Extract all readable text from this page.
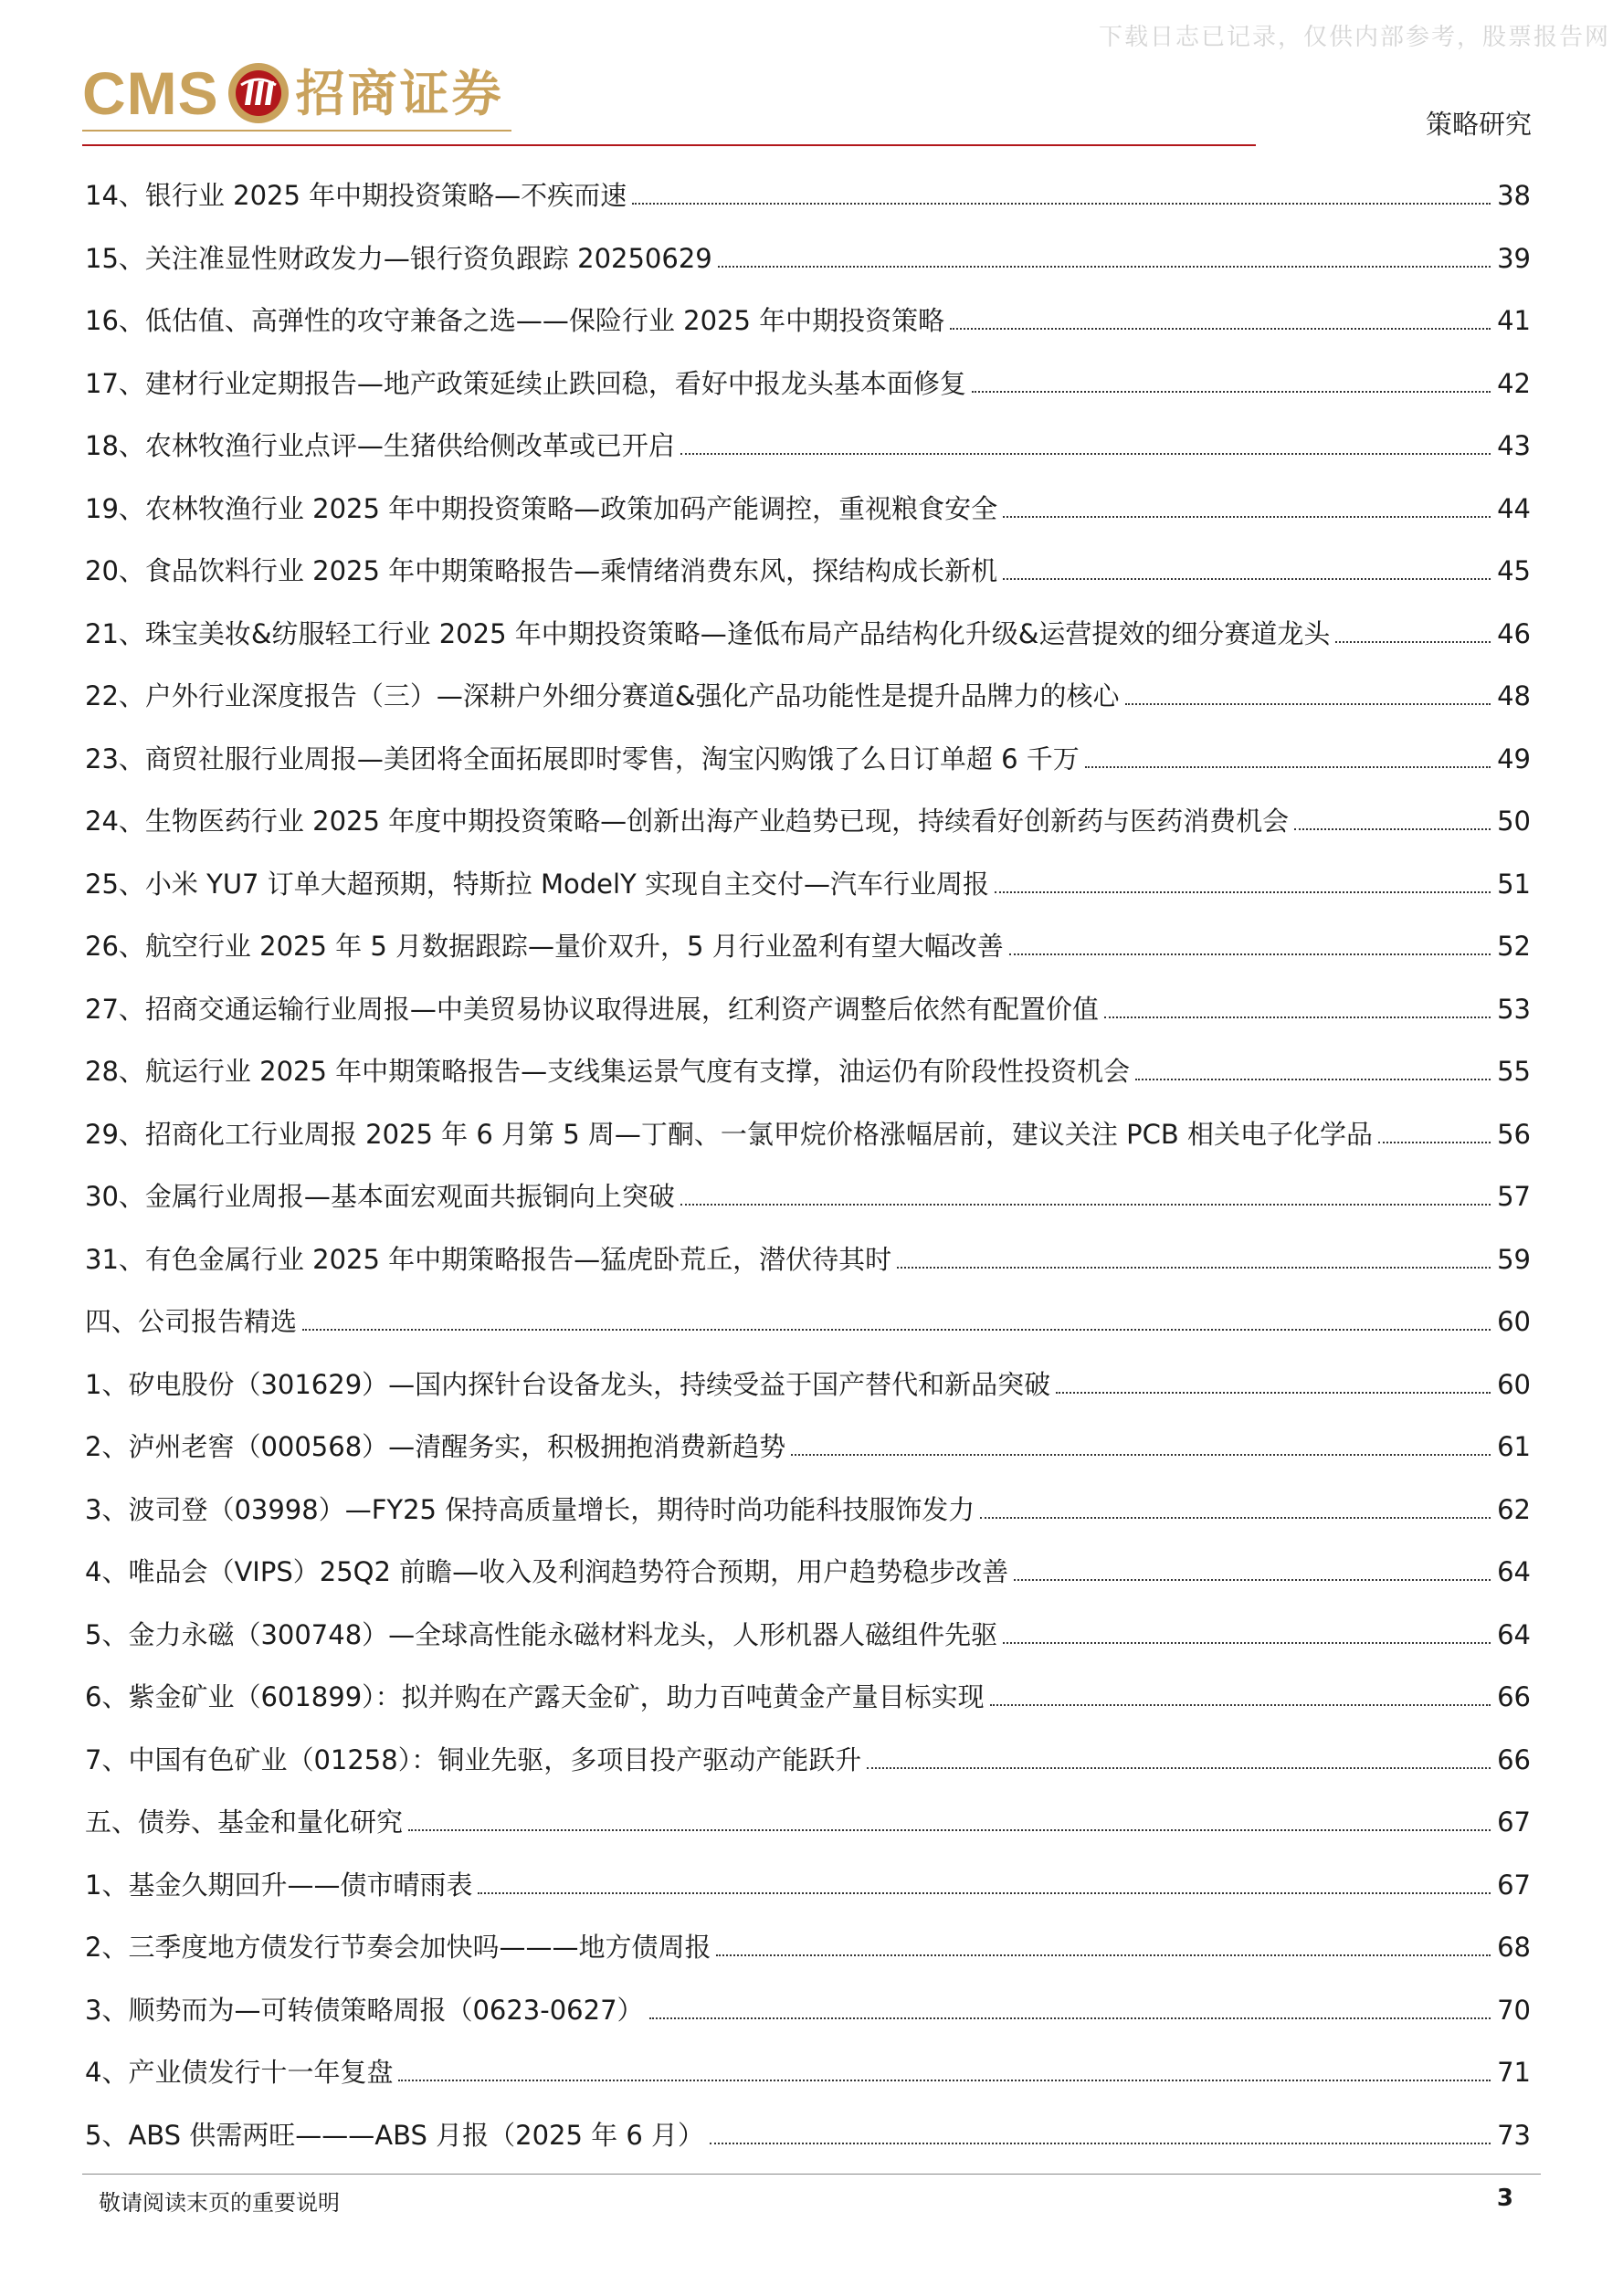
下载日志已记录，仅供内部参考，股票报告网
CMS 招商证券
策略研究
14、银行业 2025 年中期投资策略—不疾而速	38
15、关注准显性财政发力—银行资负跟踪 20250629	39
16、低估值、高弹性的攻守兼备之选——保险行业 2025 年中期投资策略	41
17、建材行业定期报告—地产政策延续止跌回稳，看好中报龙头基本面修复	42
18、农林牧渔行业点评—生猪供给侧改革或已开启	43
19、农林牧渔行业 2025 年中期投资策略—政策加码产能调控，重视粮食安全	44
20、食品饮料行业 2025 年中期策略报告—乘情绪消费东风，探结构成长新机	45
21、珠宝美妆&纺服轻工行业 2025 年中期投资策略—逢低布局产品结构化升级&运营提效的细分赛道龙头	46
22、户外行业深度报告（三）—深耕户外细分赛道&强化产品功能性是提升品牌力的核心	48
23、商贸社服行业周报—美团将全面拓展即时零售，淘宝闪购饿了么日订单超 6 千万	49
24、生物医药行业 2025 年度中期投资策略—创新出海产业趋势已现，持续看好创新药与医药消费机会	50
25、小米 YU7 订单大超预期，特斯拉 ModelY 实现自主交付—汽车行业周报	51
26、航空行业 2025 年 5 月数据跟踪—量价双升，5 月行业盈利有望大幅改善	52
27、招商交通运输行业周报—中美贸易协议取得进展，红利资产调整后依然有配置价值	53
28、航运行业 2025 年中期策略报告—支线集运景气度有支撑，油运仍有阶段性投资机会	55
29、招商化工行业周报 2025 年 6 月第 5 周—丁酮、一氯甲烷价格涨幅居前，建议关注 PCB 相关电子化学品	56
30、金属行业周报—基本面宏观面共振铜向上突破	57
31、有色金属行业 2025 年中期策略报告—猛虎卧荒丘，潜伏待其时	59
四、公司报告精选	60
1、矽电股份（301629）—国内探针台设备龙头，持续受益于国产替代和新品突破	60
2、泸州老窖（000568）—清醒务实，积极拥抱消费新趋势	61
3、波司登（03998）—FY25 保持高质量增长，期待时尚功能科技服饰发力	62
4、唯品会（VIPS）25Q2 前瞻—收入及利润趋势符合预期，用户趋势稳步改善	64
5、金力永磁（300748）—全球高性能永磁材料龙头，人形机器人磁组件先驱	64
6、紫金矿业（601899）：拟并购在产露天金矿，助力百吨黄金产量目标实现	66
7、中国有色矿业（01258）：铜业先驱，多项目投产驱动产能跃升	66
五、债券、基金和量化研究	67
1、基金久期回升——债市晴雨表	67
2、三季度地方债发行节奏会加快吗———地方债周报	68
3、顺势而为—可转债策略周报（0623-0627）	70
4、产业债发行十一年复盘	71
5、ABS 供需两旺———ABS 月报（2025 年 6 月）	73
敬请阅读末页的重要说明	3
